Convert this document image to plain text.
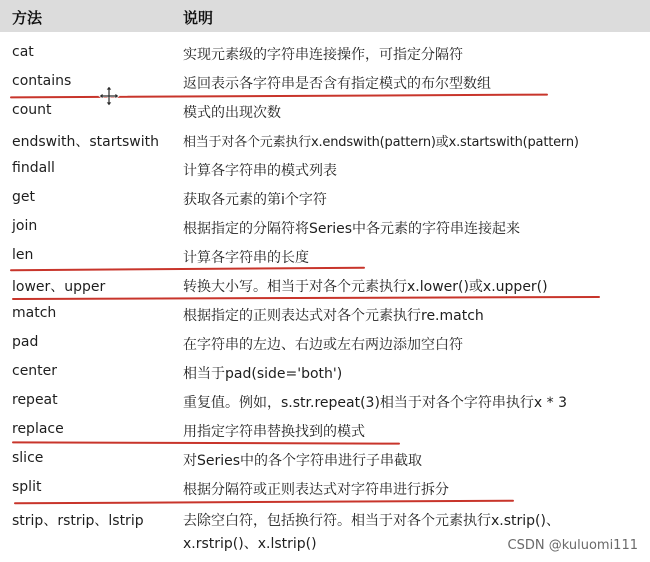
方法	说明
cat	实现元素级的字符串连接操作，可指定分隔符
contains	返回表示各字符串是否含有指定模式的布尔型数组
count	模式的出现次数
endswith、startswith 相当于对各个元素执行x.endswith(pattern)或x.startswith(pattern)
findall	计算各字符串的模式列表
get	获取各元素的第i个字符
join	根据指定的分隔符将Series中各元素的字符串连接起来
len	计算各字符串的长度
lower、upper	转换大小写。相当于对各个元素执行x.lower()或x.upper()
match	根据指定的正则表达式对各个元素执行re.match
pad	在字符串的左边、右边或左右两边添加空白符
center	相当于pad(side='both')
repeat	重复值。例如，s.str.repeat(3)相当于对各个字符串执行x * 3
replace	用指定字符串替换找到的模式
slice	对Series中的各个字符串进行子串截取
split	根据分隔符或正则表达式对字符串进行拆分
strip、rstrip、lstrip	去除空白符，包括换行符。相当于对各个元素执行x.strip()、
x.rstrip()、x.lstrip()	CSDN @kuluomi111
